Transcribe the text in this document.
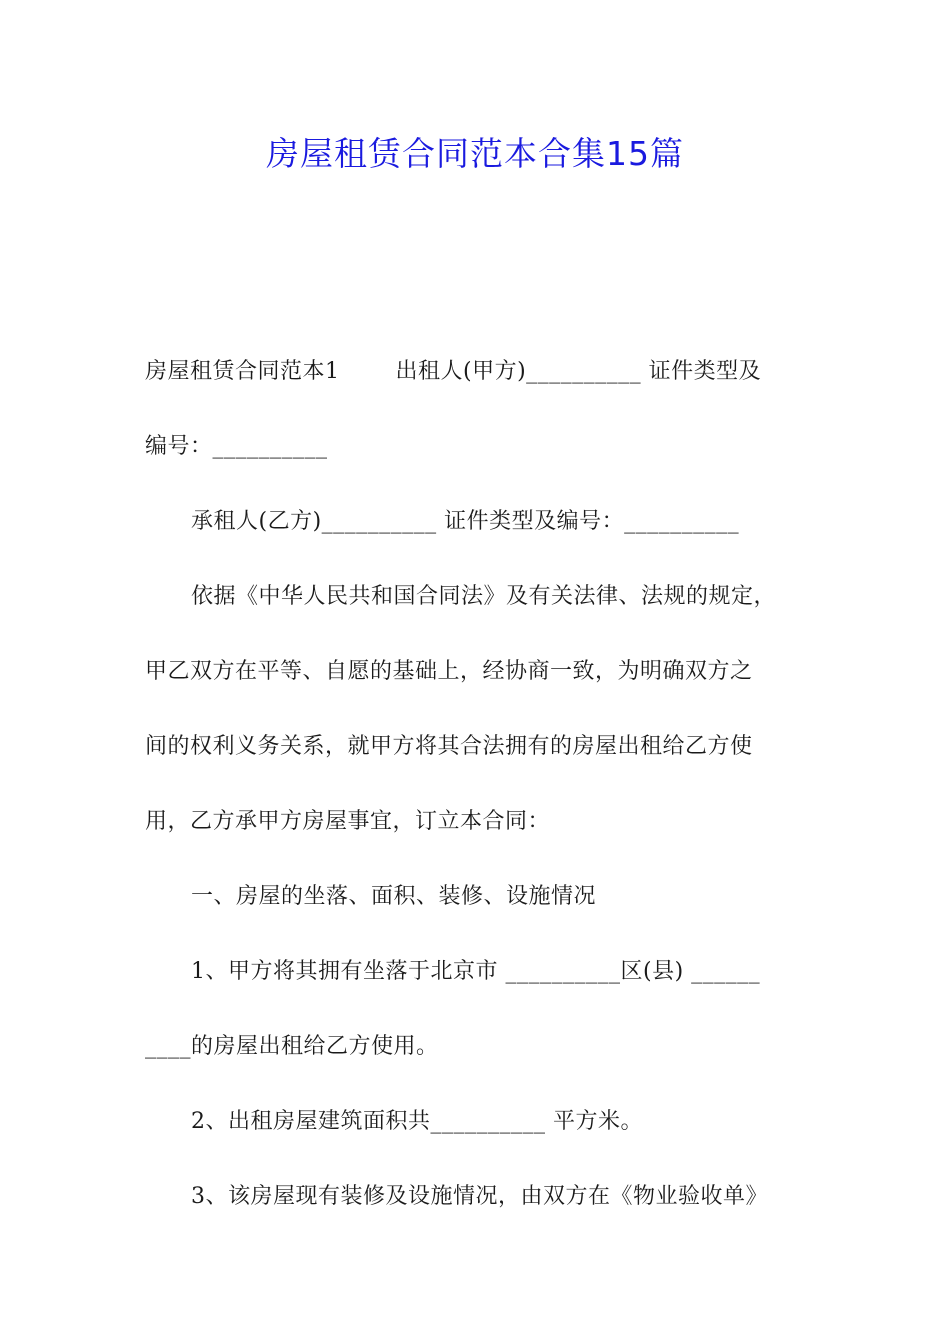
房屋租赁合同范本合集15篇
房屋租赁合同范本1	出租人(甲方)__________ 证件类型及
编号：__________
承租人(乙方)__________ 证件类型及编号：__________
依据《中华人民共和国合同法》及有关法律、法规的规定，
甲乙双方在平等、自愿的基础上，经协商一致，为明确双方之
间的权利义务关系，就甲方将其合法拥有的房屋出租给乙方使
用，乙方承甲方房屋事宜，订立本合同：
一、房屋的坐落、面积、装修、设施情况
1、甲方将其拥有坐落于北京市 __________区(县) ______
____的房屋出租给乙方使用。
2、出租房屋建筑面积共__________ 平方米。
3、该房屋现有装修及设施情况，由双方在《物业验收单》
